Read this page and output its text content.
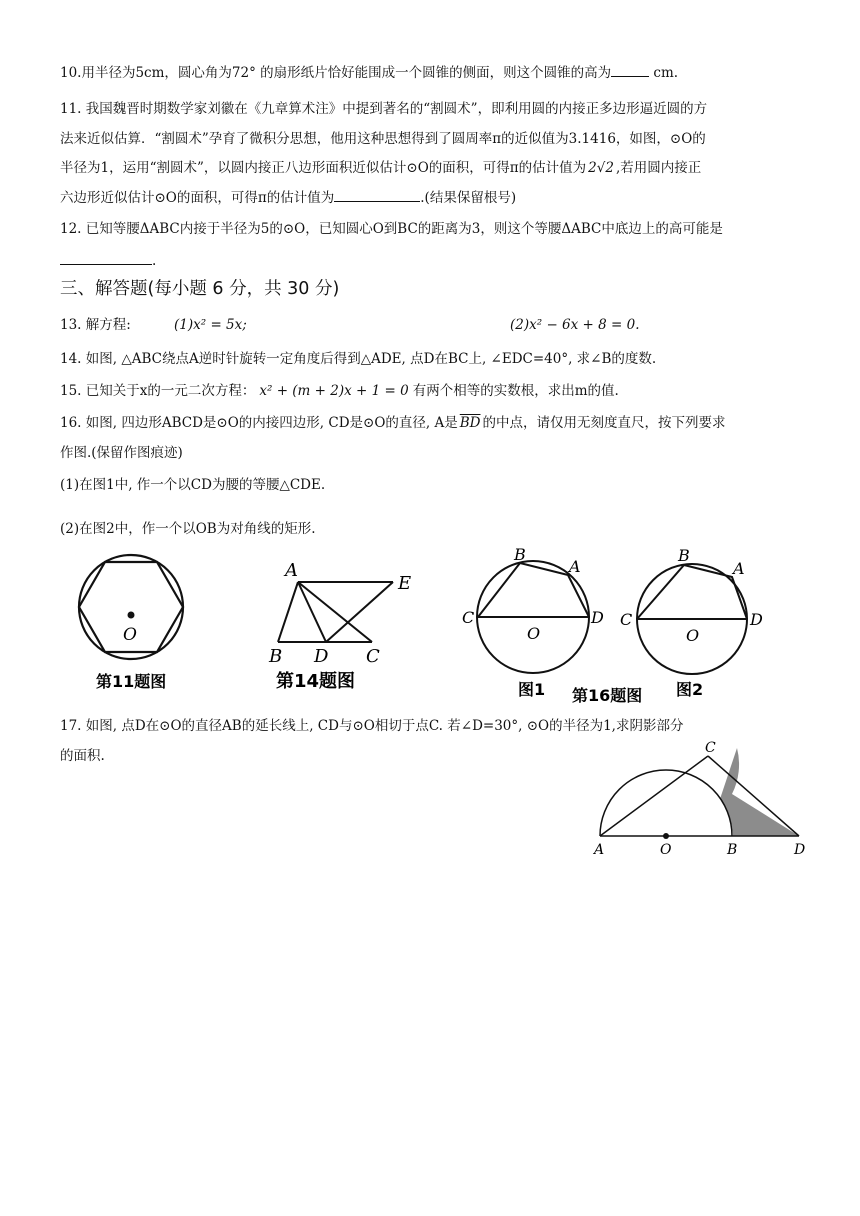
10.用半径为5cm，圆心角为72° 的扇形纸片恰好能围成一个圆锥的侧面，则这个圆锥的高为	cm.
11. 我国魏晋时期数学家刘徽在《九章算术注》中提到著名的“割圆术”，即利用圆的内接正多边形逼近圆的方
法来近似估算．“割圆术”孕育了微积分思想，他用这种思想得到了圆周率π的近似值为3.1416，如图，⊙O的
半径为1，运用“割圆术”，以圆内接正八边形面积近似估计⊙O的面积，可得π的估计值为 2√2 ,若用圆内接正
六边形近似估计⊙O的面积，可得π的估计值为	.(结果保留根号)
12. 已知等腰ΔABC内接于半径为5的⊙O，已知圆心O到BC的距离为3，则这个等腰ΔABC中底边上的高可能是
.
三、解答题(每小题 6 分，共 30 分)
13. 解方程:	(1)x² = 5x;	(2)x² − 6x + 8 = 0.
14. 如图, △ABC绕点A逆时针旋转一定角度后得到△ADE, 点D在BC上, ∠EDC=40°, 求∠B的度数.
15. 已知关于x的一元二次方程： x² + (m + 2)x + 1 = 0 有两个相等的实数根，求出m的值.
16. 如图, 四边形ABCD是⊙O的内接四边形, CD是⊙O的直径, A是 $\overline{BD}$ 的中点，请仅用无刻度直尺，按下列要求
作图.(保留作图痕迹)
(1)在图1中, 作一个以CD为腰的等腰△CDE.
(2)在图2中，作一个以OB为对角线的矩形.
O
第11题图
A
E
B D C
第14题图
B
A
C	D
O
图1 第16题图
B
A
C	D
O
图2
17. 如图, 点D在⊙O的直径AB的延长线上, CD与⊙O相切于点C. 若∠D=30°, ⊙O的半径为1,求阴影部分
的面积.	C
A	O	B	D
